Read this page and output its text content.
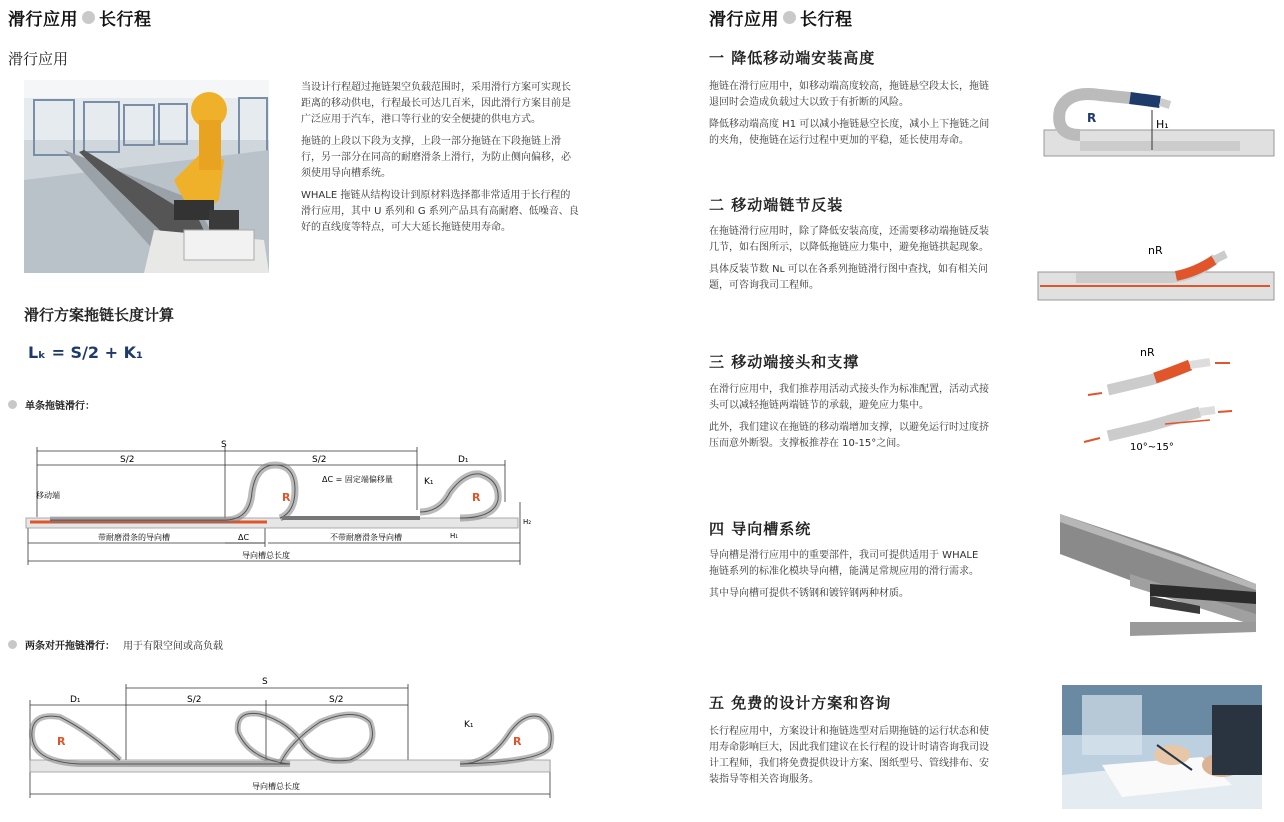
滑行应用 长行程
滑行应用

当设计行程超过拖链架空负载范围时，采用滑行方案可实现长距离的移动供电，行程最长可达几百米，因此滑行方案目前是广泛应用于汽车，港口等行业的安全便捷的供电方式。

拖链的上段以下段为支撑，上段一部分拖链在下段拖链上滑行，另一部分在同高的耐磨滑条上滑行，为防止侧向偏移，必须使用导向槽系统。

WHALE 拖链从结构设计到原材料选择都非常适用于长行程的滑行应用，其中 U 系列和 G 系列产品具有高耐磨、低噪音、良好的直线度等特点，可大大延长拖链使用寿命。

滑行方案拖链长度计算
Lₖ = S/2 + K₁
单条拖链滑行：
R	R
S
S/2	S/2	D₁
ΔC = 固定端偏移量	K₁
移动端
带耐磨滑条的导向槽	ΔC	不带耐磨滑条导向槽
导向槽总长度
H₁
H₂
两条对开拖链滑行： 用于有限空间或高负载
S
S/2	S/2
D₁
K₁
R	R
导向槽总长度
滑行应用 长行程
一 降低移动端安装高度

拖链在滑行应用中，如移动端高度较高，拖链悬空段太长，拖链退回时会造成负载过大以致于有折断的风险。

降低移动端高度 H1 可以减小拖链悬空长度，减小上下拖链之间的夹角，使拖链在运行过程中更加的平稳，延长使用寿命。

R	H₁
二 移动端链节反装

在拖链滑行应用时，除了降低安装高度，还需要移动端拖链反装几节，如右图所示，以降低拖链应力集中，避免拖链拱起现象。

具体反装节数 Nʟ 可以在各系列拖链滑行图中查找，如有相关问题，可咨询我司工程师。

nR
三 移动端接头和支撑

在滑行应用中，我们推荐用活动式接头作为标准配置，活动式接头可以减轻拖链两端链节的承载，避免应力集中。

此外，我们建议在拖链的移动端增加支撑，以避免运行时过度挤压而意外断裂。支撑板推荐在 10-15°之间。

nR
10°~15°
四 导向槽系统

导向槽是滑行应用中的重要部件，我司可提供适用于 WHALE 拖链系列的标准化模块导向槽，能满足常规应用的滑行需求。

其中导向槽可提供不锈钢和镀锌钢两种材质。

五 免费的设计方案和咨询

长行程应用中，方案设计和拖链选型对后期拖链的运行状态和使用寿命影响巨大，因此我们建议在长行程的设计时请咨询我司设计工程师，我们将免费提供设计方案、图纸型号、管线排布、安装指导等相关咨询服务。
